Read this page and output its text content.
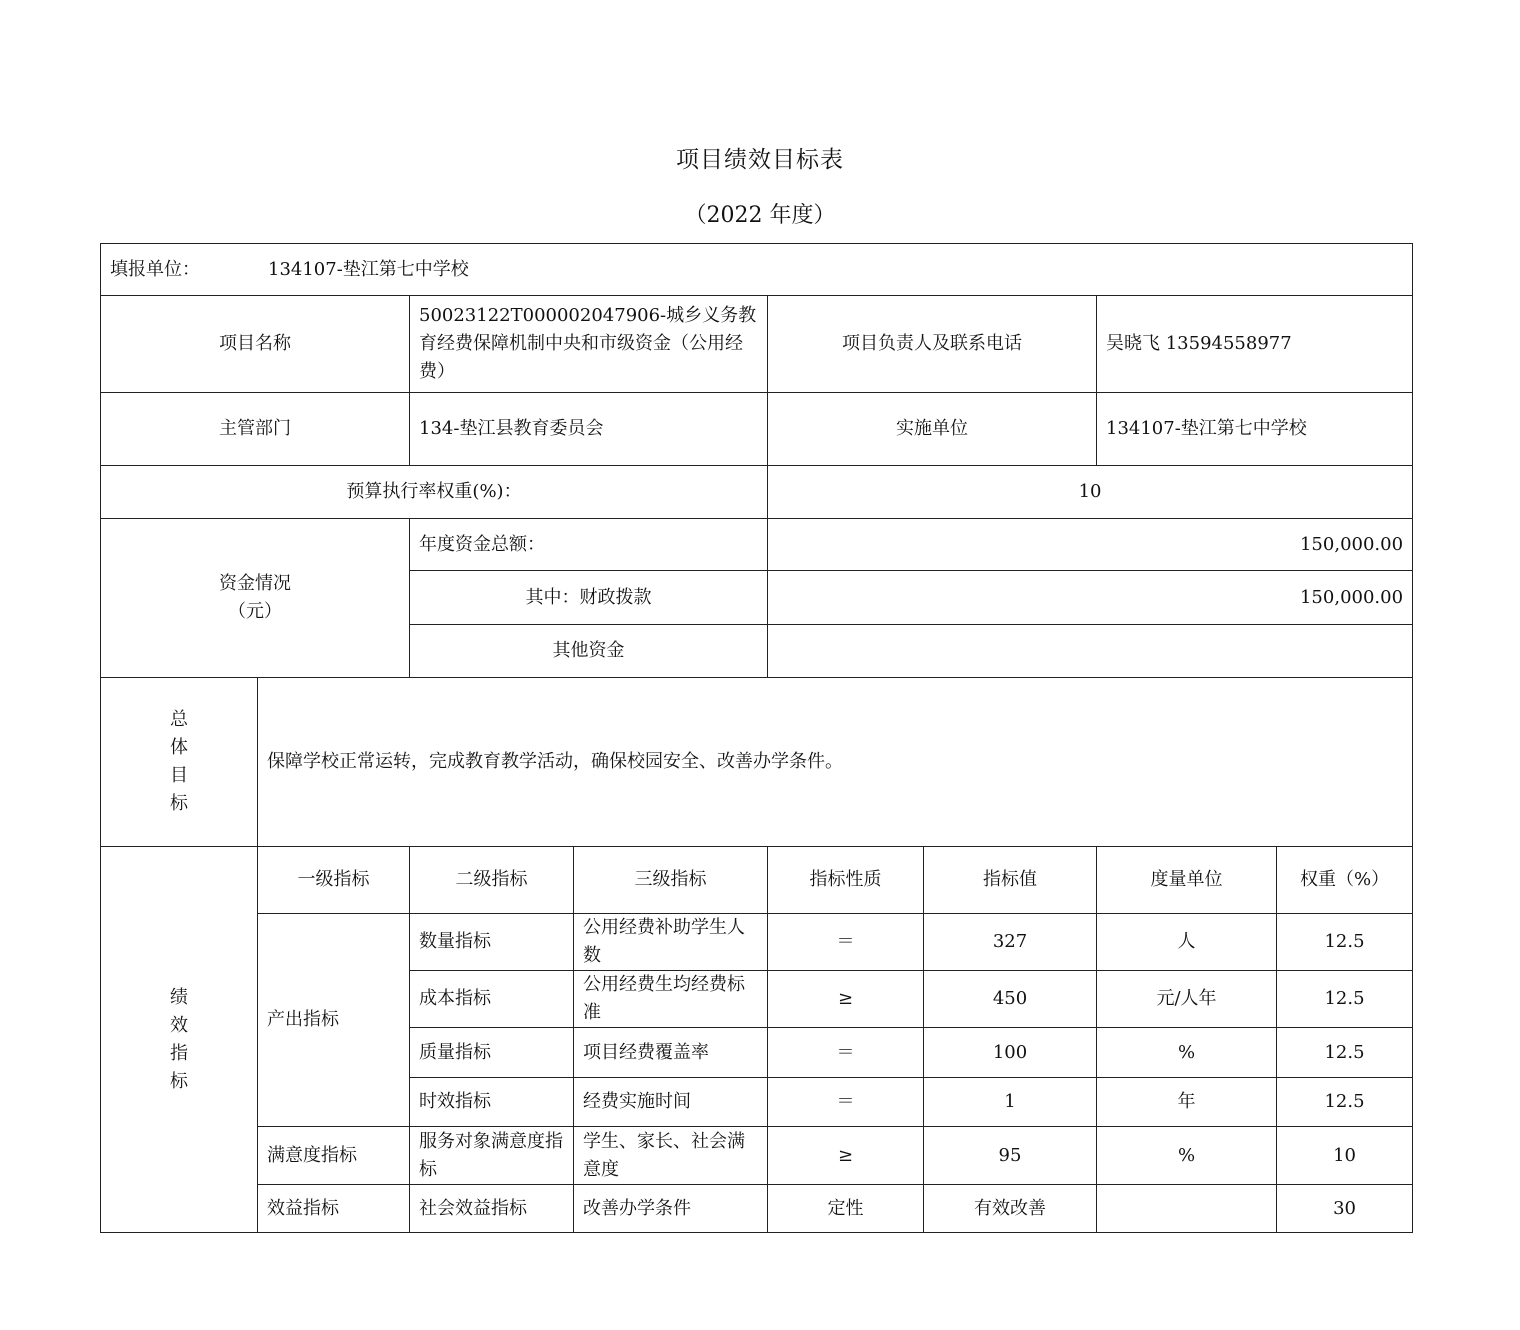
项目绩效目标表
（2022 年度）
填报单位： 134107-垫江第七中学校							
项目名称		50023122T000002047906-城乡义务教育经费保障机制中央和市级资金（公用经费）		项目负责人及联系电话		吴晓飞 13594558977	
主管部门		134-垫江县教育委员会		实施单位		134107-垫江第七中学校	
预算执行率权重(%)：				10			

资金情况
（元）		年度资金总额：		150,000.00			
		其中：财政拨款		150,000.00			
		其他资金					

总
体
目
标	保障学校正常运转，完成教育教学活动，确保校园安全、改善办学条件。						

绩
效
指
标	一级指标	二级指标	三级指标	指标性质	指标值	度量单位	权重（%）
	产出指标	数量指标	公用经费补助学生人数	＝	327	人	12.5
		成本指标	公用经费生均经费标准	≥	450	元/人年	12.5
		质量指标	项目经费覆盖率	＝	100	%	12.5
		时效指标	经费实施时间	＝	1	年	12.5
	满意度指标	服务对象满意度指标	学生、家长、社会满意度	≥	95	%	10
	效益指标	社会效益指标	改善办学条件	定性	有效改善		30
